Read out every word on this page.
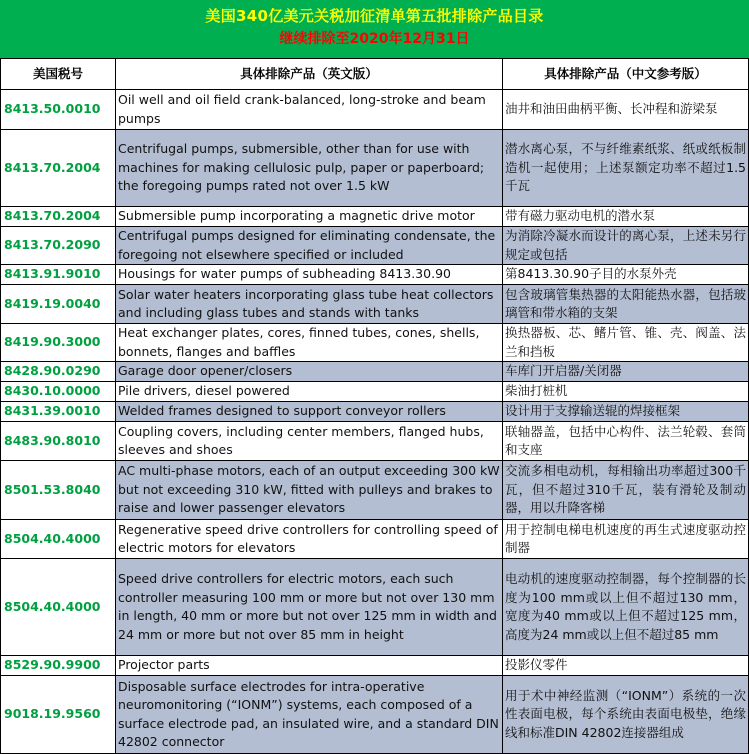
美国340亿美元关税加征清单第五批排除产品目录
继续排除至2020年12月31日
美国税号	具体排除产品（英文版）	具体排除产品（中文参考版）
8413.50.0010	Oil well and oil field crank-balanced, long-stroke and beam pumps	油井和油田曲柄平衡、长冲程和游梁泵
8413.70.2004	Centrifugal pumps, submersible, other than for use with machines for making cellulosic pulp, paper or paperboard; the foregoing pumps rated not over 1.5 kW	潜水离心泵，不与纤维素纸浆、纸或纸板制造机一起使用；上述泵额定功率不超过1.5千瓦
8413.70.2004	Submersible pump incorporating a magnetic drive motor	带有磁力驱动电机的潜水泵
8413.70.2090	Centrifugal pumps designed for eliminating condensate, the foregoing not elsewhere specified or included	为消除冷凝水而设计的离心泵，上述未另行规定或包括
8413.91.9010	Housings for water pumps of subheading 8413.30.90	第8413.30.90子目的水泵外壳
8419.19.0040	Solar water heaters incorporating glass tube heat collectors and including glass tubes and stands with tanks	包含玻璃管集热器的太阳能热水器，包括玻璃管和带水箱的支架
8419.90.3000	Heat exchanger plates, cores, finned tubes, cones, shells, bonnets, flanges and baffles	换热器板、芯、鳍片管、锥、壳、阀盖、法兰和挡板
8428.90.0290	Garage door opener/closers	车库门开启器/关闭器
8430.10.0000	Pile drivers, diesel powered	柴油打桩机
8431.39.0010	Welded frames designed to support conveyor rollers	设计用于支撑输送辊的焊接框架
8483.90.8010	Coupling covers, including center members, flanged hubs, sleeves and shoes	联轴器盖，包括中心构件、法兰轮毂、套筒和支座
8501.53.8040	AC multi-phase motors, each of an output exceeding 300 kW but not exceeding 310 kW, fitted with pulleys and brakes to raise and lower passenger elevators	交流多相电动机，每相输出功率超过300千瓦，但不超过310千瓦，装有滑轮及制动器，用以升降客梯
8504.40.4000	Regenerative speed drive controllers for controlling speed of electric motors for elevators	用于控制电梯电机速度的再生式速度驱动控制器
8504.40.4000	Speed drive controllers for electric motors, each such controller measuring 100 mm or more but not over 130 mm in length, 40 mm or more but not over 125 mm in width and 24 mm or more but not over 85 mm in height	电动机的速度驱动控制器，每个控制器的长度为100 mm或以上但不超过130 mm，宽度为40 mm或以上但不超过125 mm，高度为24 mm或以上但不超过85 mm
8529.90.9900	Projector parts	投影仪零件
9018.19.9560	Disposable surface electrodes for intra-operative neuromonitoring (“IONM”) systems, each composed of a surface electrode pad, an insulated wire, and a standard DIN 42802 connector	用于术中神经监测（“IONM”）系统的一次性表面电极，每个系统由表面电极垫，绝缘线和标准DIN 42802连接器组成
